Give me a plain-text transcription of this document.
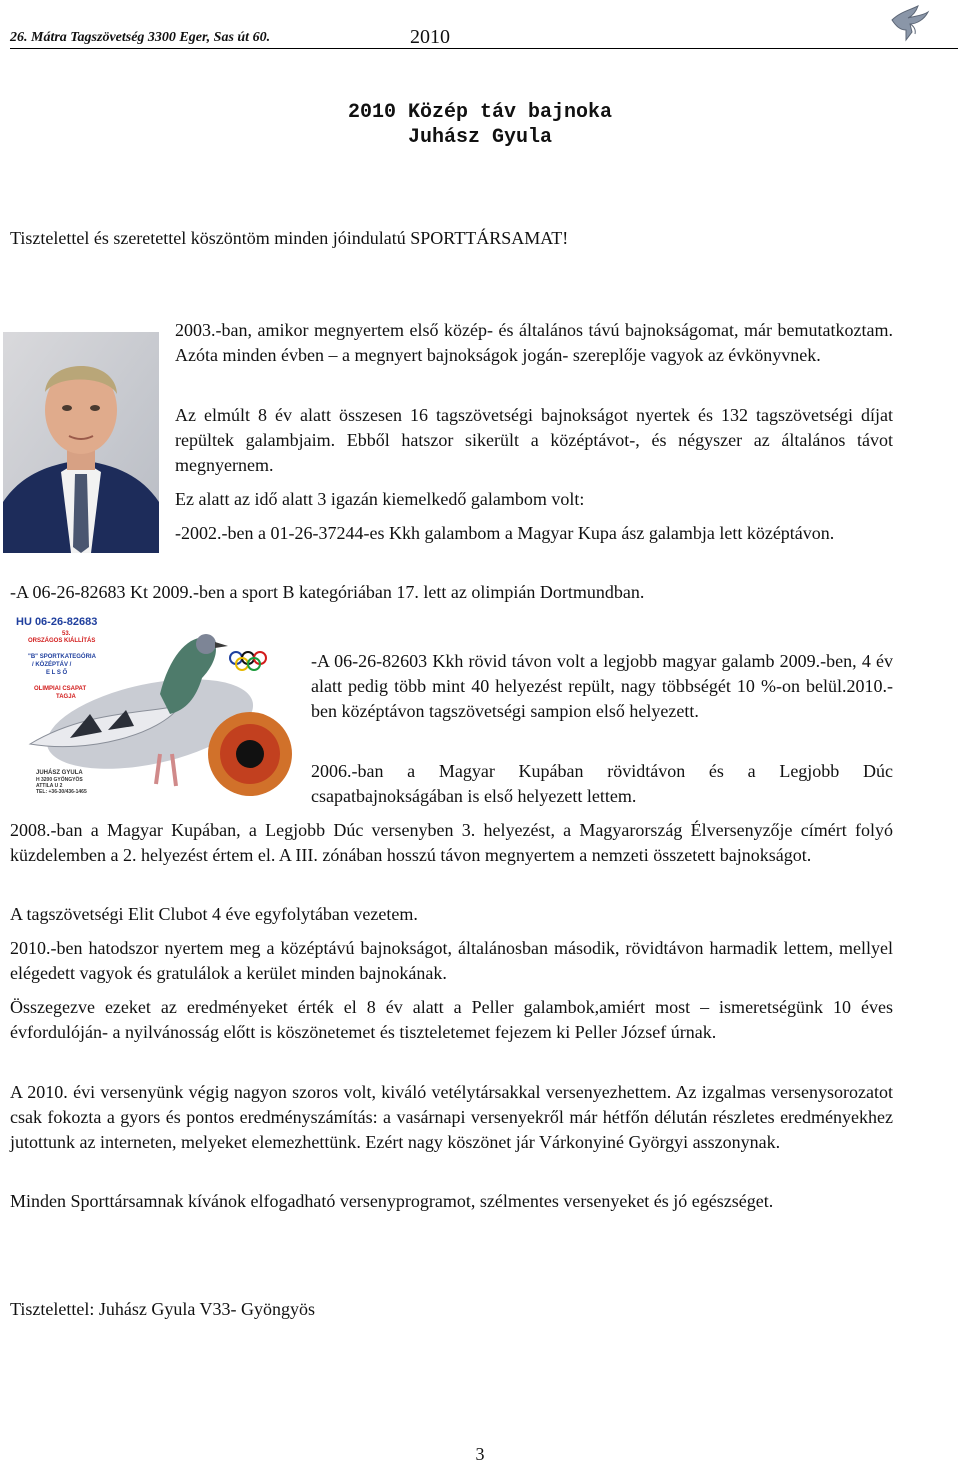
26. Mátra Tagszövetség 3300 Eger, Sas út 60.	2010
2010 Közép táv bajnoka
Juhász Gyula

Tisztelettel és szeretettel köszöntöm minden jóindulatú SPORTTÁRSAMAT!

2003.-ban, amikor megnyertem első közép- és általános távú bajnokságomat, már bemutatkoztam. Azóta minden évben – a megnyert bajnokságok jogán- szereplője vagyok az évkönyvnek.

Az elmúlt 8 év alatt összesen 16 tagszövetségi bajnokságot nyertek és 132 tagszövetségi díjat repültek galambjaim. Ebből hatszor sikerült a középtávot-, és négyszer az általános távot megnyernem.

Ez alatt az idő alatt 3 igazán kiemelkedő galambom volt:

-2002.-ben a 01-26-37244-es Kkh galambom a Magyar Kupa ász galambja lett középtávon.

-A 06-26-82683 Kt 2009.-ben a sport B kategóriában 17. lett az olimpián Dortmundban.

HU 06-26-82683
53.
ORSZÁGOS KIÁLLÍTÁS
"B" SPORTKATEGÓRIA
/ KÖZÉPTÁV /
E L S Ő
OLIMPIAI CSAPAT
TAGJA
JUHÁSZ GYULA
H 3200 GYÖNGYÖS
ATTILA U 2
TEL: +36-30/436-1465

-A 06-26-82603 Kkh rövid távon volt a legjobb magyar galamb 2009.-ben, 4 év alatt pedig több mint 40 helyezést repült, nagy többségét 10 %-on belül.2010.-ben középtávon tagszövetségi sampion első helyezett.

2006.-ban a Magyar Kupában rövidtávon és a Legjobb Dúc csapatbajnokságában is első helyezett lettem.

2008.-ban a Magyar Kupában, a Legjobb Dúc versenyben 3. helyezést, a Magyarország Élversenyzője címért folyó küzdelemben a 2. helyezést értem el. A III. zónában hosszú távon megnyertem a nemzeti összetett bajnokságot.

A tagszövetségi Elit Clubot 4 éve egyfolytában vezetem.

2010.-ben hatodszor nyertem meg a középtávú bajnokságot, általánosban második, rövidtávon harmadik lettem, mellyel elégedett vagyok és gratulálok a kerület minden bajnokának.

Összegezve ezeket az eredményeket érték el 8 év alatt a Peller galambok,amiért most – ismeretségünk 10 éves évfordulóján- a nyilvánosság előtt is köszönetemet és tiszteletemet fejezem ki Peller József úrnak.

A 2010. évi versenyünk végig nagyon szoros volt, kiváló vetélytársakkal versenyezhettem. Az izgalmas versenysorozatot csak fokozta a gyors és pontos eredményszámítás: a vasárnapi versenyekről már hétfőn délután részletes eredményekhez jutottunk az interneten, melyeket elemezhettünk. Ezért nagy köszönet jár Várkonyiné Györgyi asszonynak.

Minden Sporttársamnak kívánok elfogadható versenyprogramot, szélmentes versenyeket és jó egészséget.

Tisztelettel: Juhász Gyula V33- Gyöngyös

3
